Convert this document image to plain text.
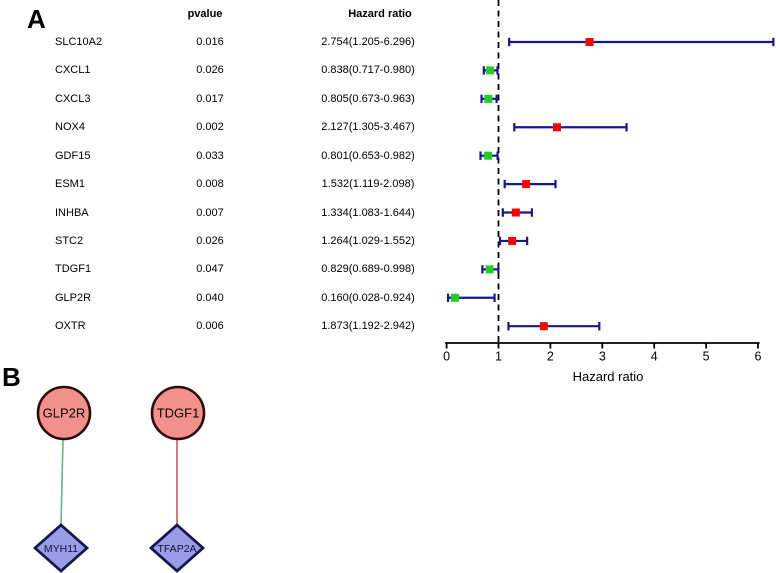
A
B
pvalue	Hazard ratio
SLC10A2	0.016	2.754(1.205-6.296)
CXCL1	0.026	0.838(0.717-0.980)
CXCL3	0.017	0.805(0.673-0.963)
NOX4	0.002	2.127(1.305-3.467)
GDF15	0.033	0.801(0.653-0.982)
ESM1	0.008	1.532(1.119-2.098)
INHBA	0.007	1.334(1.083-1.644)
STC2	0.026	1.264(1.029-1.552)
TDGF1	0.047	0.829(0.689-0.998)
GLP2R	0.040	0.160(0.028-0.924)
OXTR	0.006	1.873(1.192-2.942)
0	1	2	3	4	5	6
GLP2R	TDGF1
MYH11	TFAP2A
Hazard ratio
